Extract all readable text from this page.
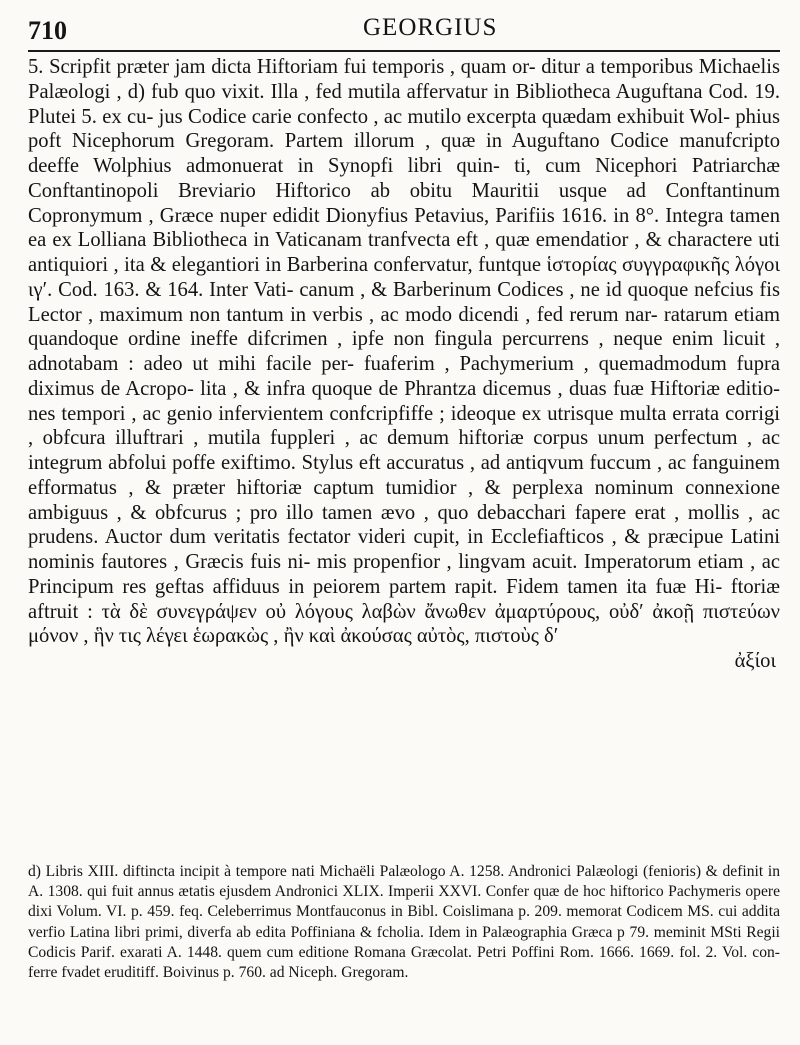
710	GEORGIUS

5. Scripfit præter jam dicta Hiftoriam fui temporis , quam or- ditur a temporibus Michaelis Palæologi , d) fub quo vixit. Illa , fed mutila affervatur in Bibliotheca Auguftana Cod. 19. Plutei 5. ex cu- jus Codice carie confecto , ac mutilo excerpta quædam exhibuit Wol- phius poft Nicephorum Gregoram. Partem illorum , quæ in Auguftano Codice manufcripto deeffe Wolphius admonuerat in Synopfi libri quin- ti, cum Nicephori Patriarchæ Conftantinopoli Breviario Hiftorico ab obitu Mauritii usque ad Conftantinum Copronymum , Græce nuper edidit Dionyfius Petavius, Parifiis 1616. in 8°. Integra tamen ea ex Lolliana Bibliotheca in Vaticanam tranfvecta eft , quæ emendatior , & charactere uti antiquiori , ita & elegantiori in Barberina confervatur, funtque ἱστορίας συγγραφικῆς λόγοι ιγʹ. Cod. 163. & 164. Inter Vati- canum , & Barberinum Codices , ne id quoque nefcius fis Lector , maximum non tantum in verbis , ac modo dicendi , fed rerum nar- ratarum etiam quandoque ordine ineffe difcrimen , ipfe non fingula percurrens , neque enim licuit , adnotabam : adeo ut mihi facile per- fuaferim , Pachymerium , quemadmodum fupra diximus de Acropo- lita , & infra quoque de Phrantza dicemus , duas fuæ Hiftoriæ editio- nes tempori , ac genio infervientem confcripfiffe ; ideoque ex utrisque multa errata corrigi , obfcura illuftrari , mutila fuppleri , ac demum hiftoriæ corpus unum perfectum , ac integrum abfolui poffe exiftimo. Stylus eft accuratus , ad antiqvum fuccum , ac fanguinem efformatus , & præter hiftoriæ captum tumidior , & perplexa nominum connexione ambiguus , & obfcurus ; pro illo tamen ævo , quo debacchari fapere erat , mollis , ac prudens. Auctor dum veritatis fectator videri cupit, in Ecclefiafticos , & præcipue Latini nominis fautores , Græcis fuis ni- mis propenfior , lingvam acuit. Imperatorum etiam , ac Principum res geftas affiduus in peiorem partem rapit. Fidem tamen ita fuæ Hi- ftoriæ aftruit : τὰ δὲ συνεγράψεν οὐ λόγους λαβὼν ἄνωθεν ἀμαρτύρους, οὐδʹ ἀκοῇ πιστεύων μόνον , ἣν τις λέγει ἑωρακὼς , ἢν καὶ ἀκούσας αὐτὸς, πιστοὺς δʹ

ἀξίοι

d) Libris XIII. diftincta incipit à tempore nati Michaëli Palæologo A. 1258. Andronici Palæologi (fenioris) & definit in A. 1308. qui fuit annus ætatis ejusdem Andronici XLIX. Imperii XXVI. Confer quæ de hoc hiftorico Pachymeris opere dixi Volum. VI. p. 459. feq. Celeberrimus Montfauconus in Bibl. Coislimana p. 209. memorat Codicem MS. cui addita verfio Latina libri primi, diverfa ab edita Poffiniana & fcholia. Idem in Palæographia Græca p 79. meminit MSti Regii Codicis Parif. exarati A. 1448. quem cum editione Romana Græcolat. Petri Poffini Rom. 1666. 1669. fol. 2. Vol. con- ferre fvadet eruditiff. Boivinus p. 760. ad Niceph. Gregoram.
